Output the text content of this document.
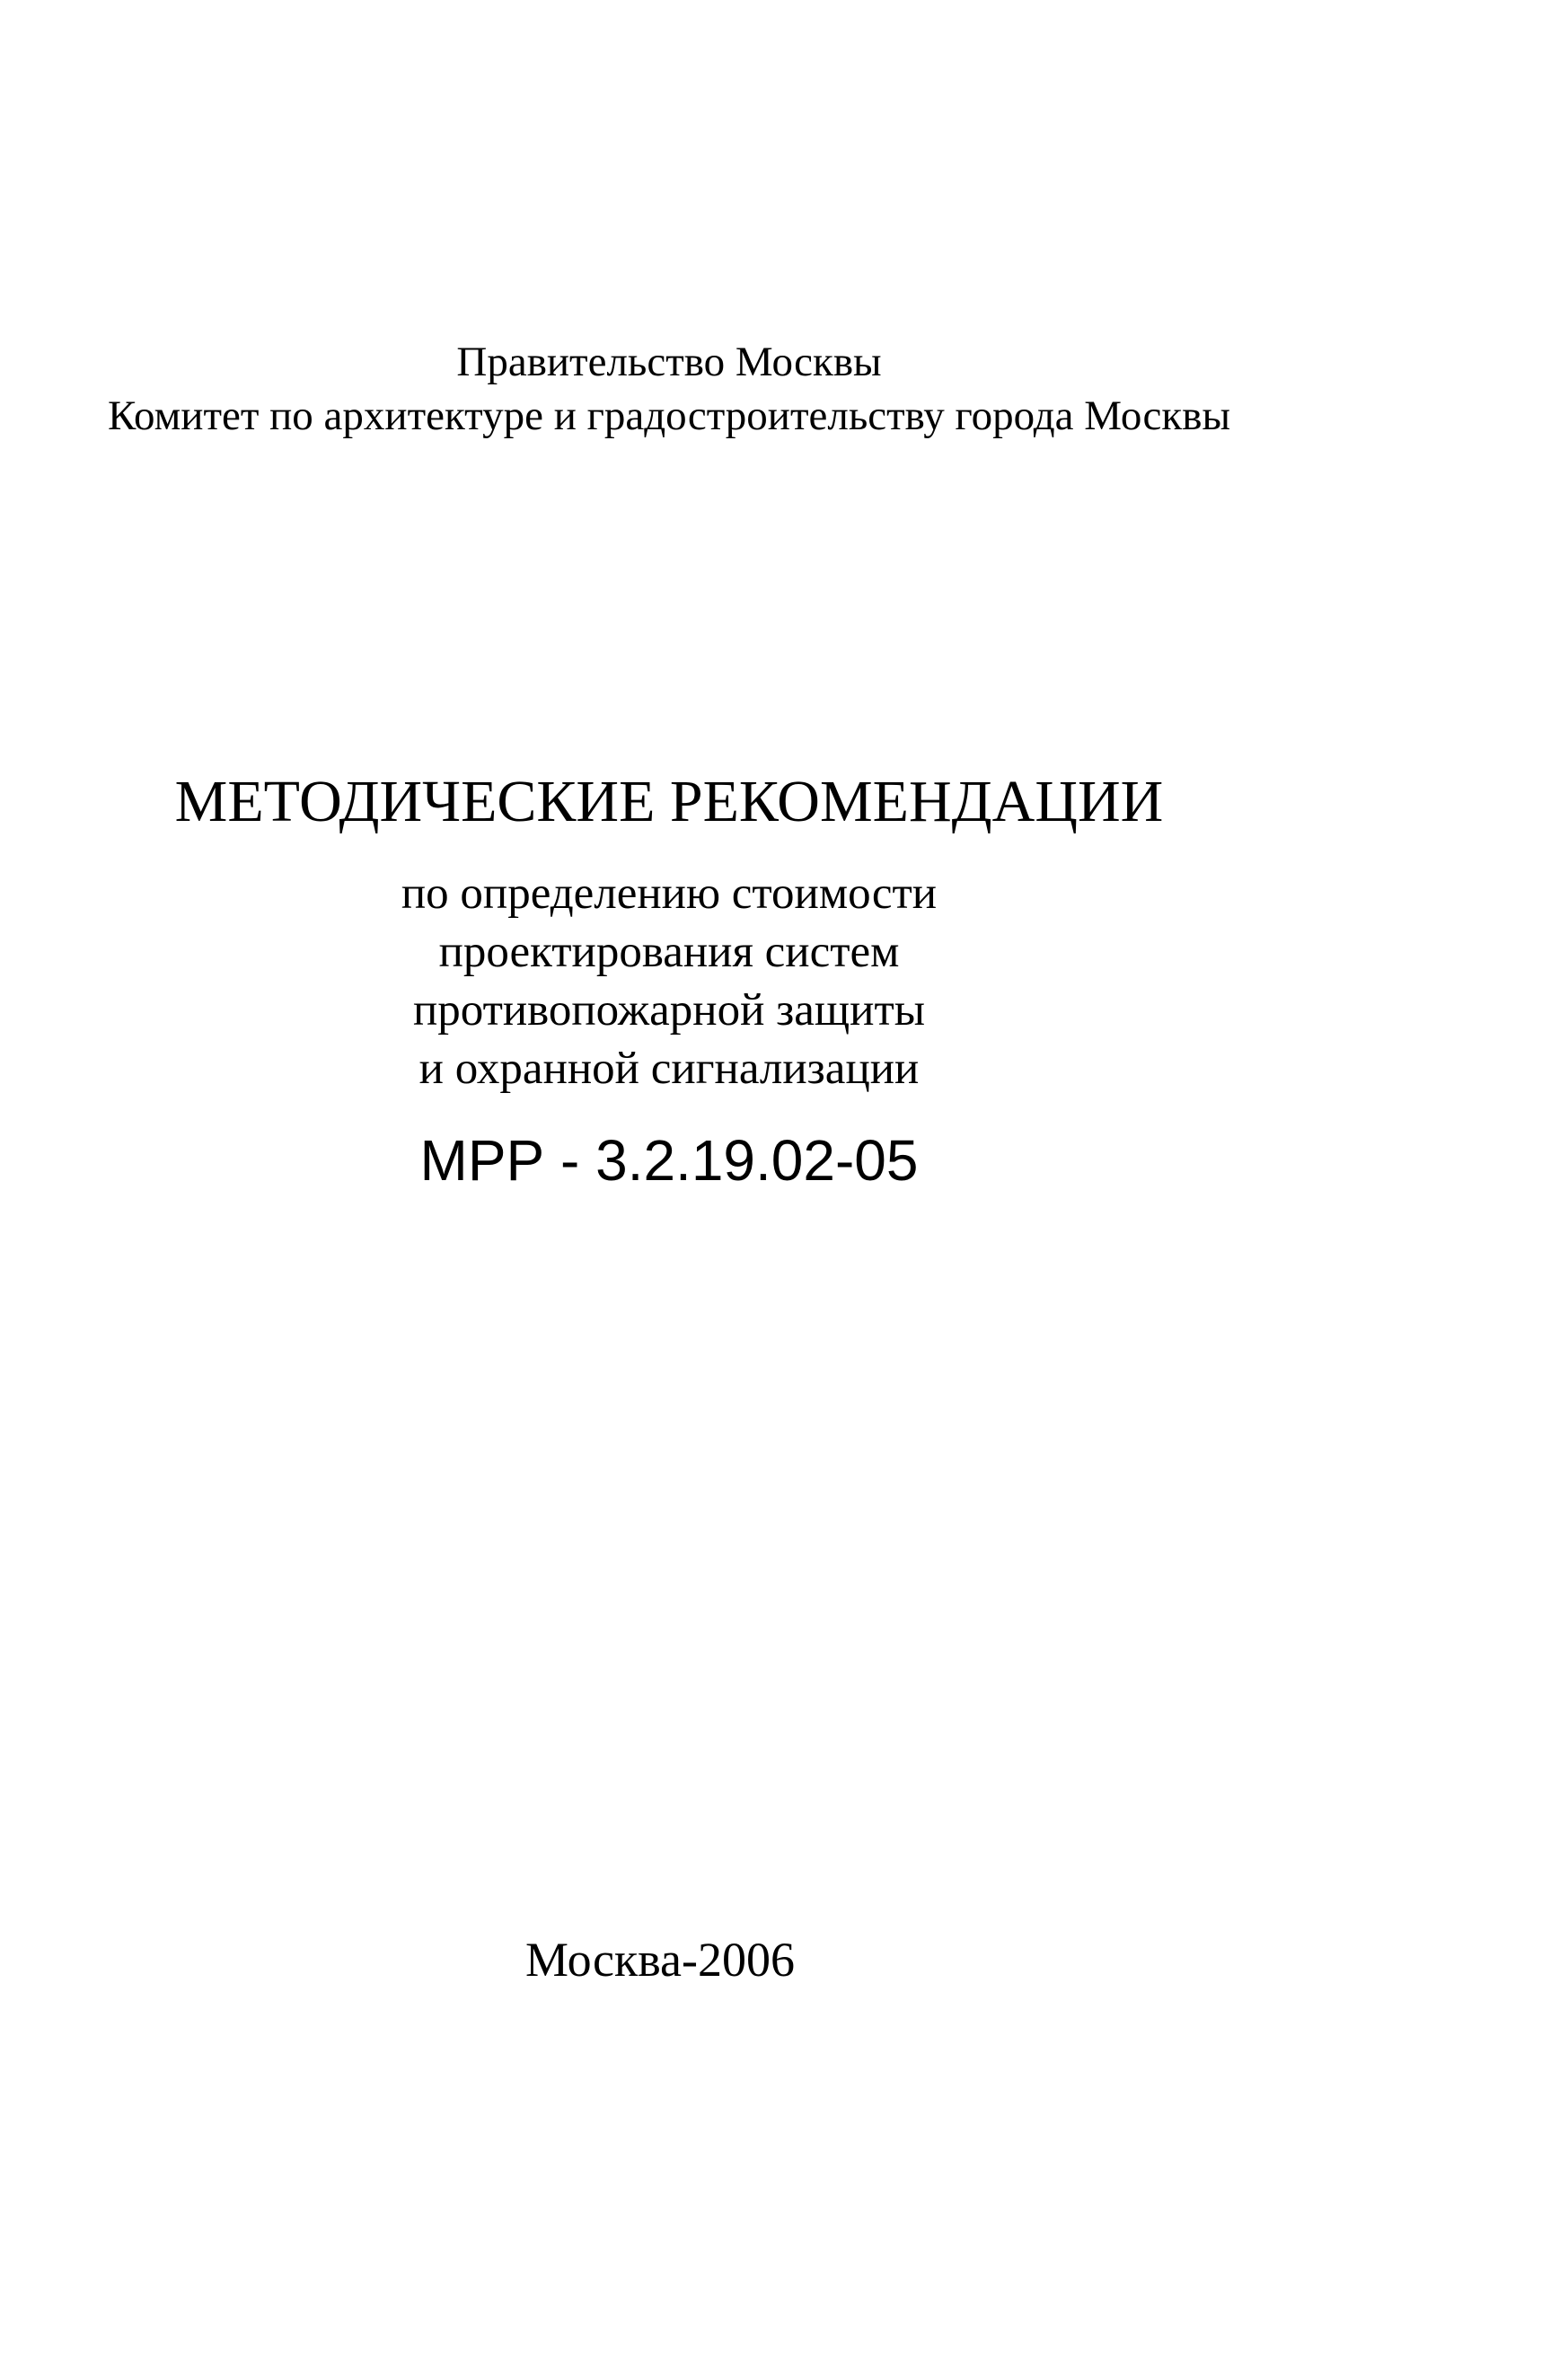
Правительство Москвы
Комитет по архитектуре и градостроительству города Москвы
МЕТОДИЧЕСКИЕ РЕКОМЕНДАЦИИ
по определению стоимости
проектирования систем
противопожарной защиты
и охранной сигнализации
МРР - 3.2.19.02-05
Москва-2006
